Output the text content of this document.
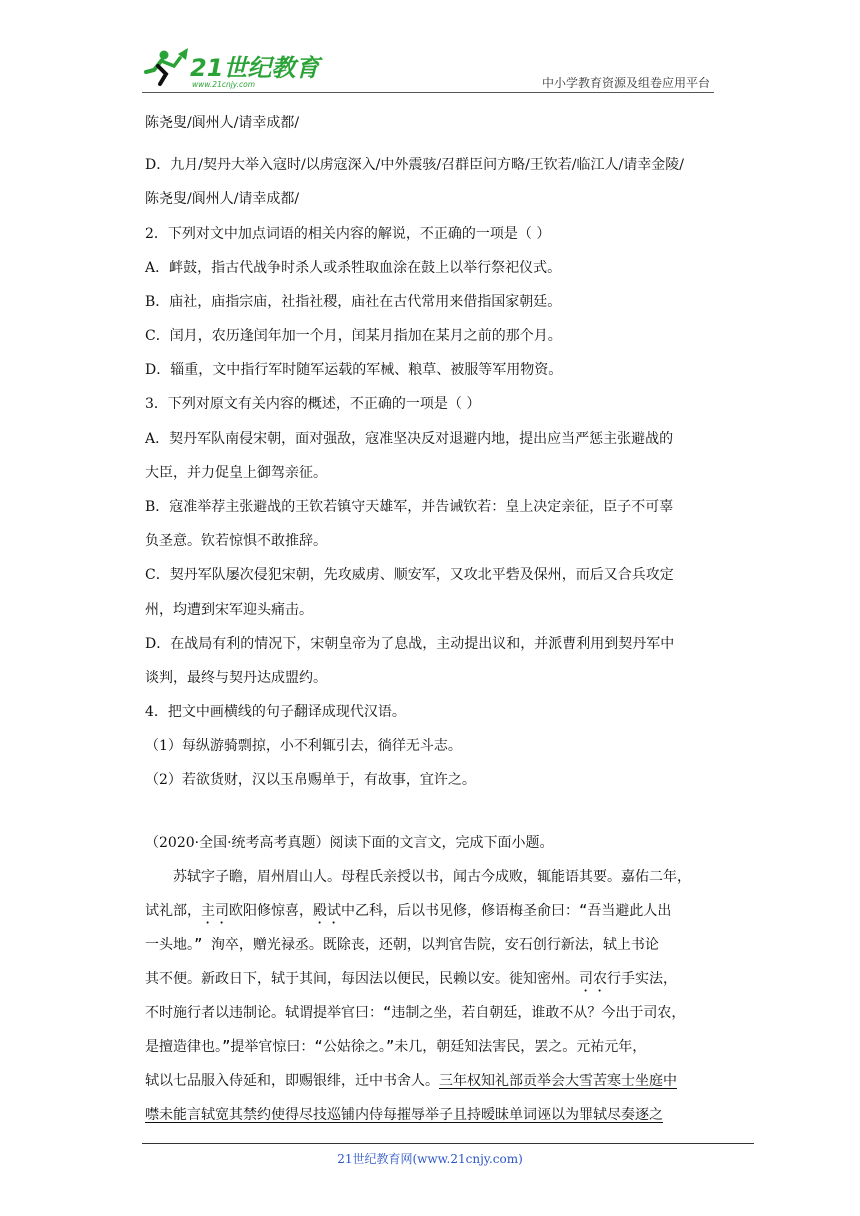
21世纪教育
www.21cnjy.com	中小学教育资源及组卷应用平台
陈尧叟/阆州人/请幸成都/
D．九月/契丹大举入寇时/以虏寇深入/中外震骇/召群臣问方略/王钦若/临江人/请幸金陵/
陈尧叟/阆州人/请幸成都/
2．下列对文中加点词语的相关内容的解说，不正确的一项是（ ）
A．衅鼓，指古代战争时杀人或杀牲取血涂在鼓上以举行祭祀仪式。
B．庙社，庙指宗庙，社指社稷，庙社在古代常用来借指国家朝廷。
C．闰月，农历逢闰年加一个月，闰某月指加在某月之前的那个月。
D．辎重，文中指行军时随军运载的军械、粮草、被服等军用物资。
3．下列对原文有关内容的概述，不正确的一项是（ ）
A．契丹军队南侵宋朝，面对强敌，寇准坚决反对退避内地，提出应当严惩主张避战的
大臣，并力促皇上御驾亲征。
B．寇准举荐主张避战的王钦若镇守天雄军，并告诫钦若：皇上决定亲征，臣子不可辜
负圣意。钦若惊惧不敢推辞。
C．契丹军队屡次侵犯宋朝，先攻威虏、顺安军，又攻北平砦及保州，而后又合兵攻定
州，均遭到宋军迎头痛击。
D．在战局有利的情况下，宋朝皇帝为了息战，主动提出议和，并派曹利用到契丹军中
谈判，最终与契丹达成盟约。
4．把文中画横线的句子翻译成现代汉语。
（1）每纵游骑剽掠，小不利辄引去，徜徉无斗志。
（2）若欲货财，汉以玉帛赐单于，有故事，宜许之。
（2020·全国·统考高考真题）阅读下面的文言文，完成下面小题。
苏轼字子瞻，眉州眉山人。母程氏亲授以书，闻古今成败，辄能语其要。嘉佑二年，
试礼部，主司欧阳修惊喜，殿试中乙科，后以书见修，修语梅圣俞曰：“吾当避此人出
一头地。” 洵卒，赠光禄丞。既除丧，还朝，以判官告院，安石创行新法，轼上书论
其不便。新政日下，轼于其间，每因法以便民，民赖以安。徙知密州。司农行手实法，
不时施行者以违制论。轼谓提举官曰：“违制之坐，若自朝廷，谁敢不从？今出于司农，
是擅造律也。”提举官惊曰：“公姑徐之。”未几，朝廷知法害民，罢之。元祐元年，
轼以七品服入侍延和，即赐银绯，迁中书舍人。三年权知礼部贡举会大雪苦寒士坐庭中
噤未能言轼宽其禁约使得尽技巡铺内侍每摧辱举子且持暧昧单词诬以为罪轼尽奏逐之
21世纪教育网(www.21cnjy.com)
